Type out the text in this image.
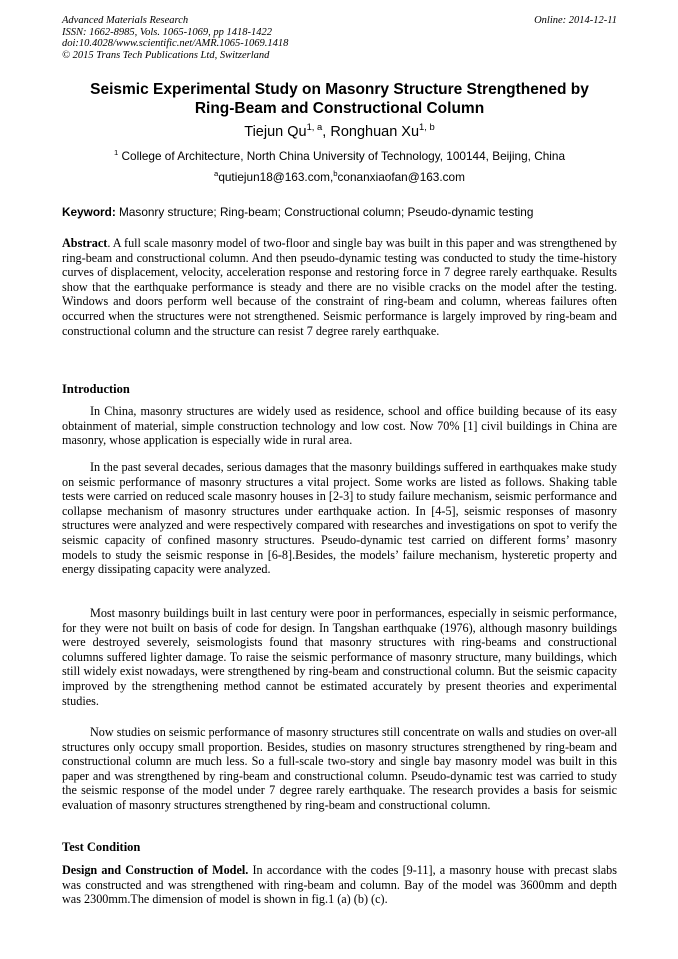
Advanced Materials Research
ISSN: 1662-8985, Vols. 1065-1069, pp 1418-1422
doi:10.4028/www.scientific.net/AMR.1065-1069.1418
© 2015 Trans Tech Publications Ltd, Switzerland
Online: 2014-12-11
Seismic Experimental Study on Masonry Structure Strengthened by
Ring-Beam and Constructional Column
Tiejun Qu$^{1, a}$, Ronghuan Xu$^{1, b}$
$^1$ College of Architecture, North China University of Technology, 100144, Beijing, China
$^a$qutiejun18@163.com,$^b$conanxiaofan@163.com
Keyword: Masonry structure; Ring-beam; Constructional column; Pseudo-dynamic testing

Abstract. A full scale masonry model of two-floor and single bay was built in this paper and was strengthened by ring-beam and constructional column. And then pseudo-dynamic testing was conducted to study the time-history curves of displacement, velocity, acceleration response and restoring force in 7 degree rarely earthquake. Results show that the earthquake performance is steady and there are no visible cracks on the model after the testing. Windows and doors perform well because of the constraint of ring-beam and column, whereas failures often occurred when the structures were not strengthened. Seismic performance is largely improved by ring-beam and constructional column and the structure can resist 7 degree rarely earthquake.

Introduction

In China, masonry structures are widely used as residence, school and office building because of its easy obtainment of material, simple construction technology and low cost. Now 70% [1] civil buildings in China are masonry, whose application is especially wide in rural area.

In the past several decades, serious damages that the masonry buildings suffered in earthquakes make study on seismic performance of masonry structures a vital project. Some works are listed as follows. Shaking table tests were carried on reduced scale masonry houses in [2-3] to study failure mechanism, seismic performance and collapse mechanism of masonry structures under earthquake action. In [4-5], seismic responses of masonry structures were analyzed and were respectively compared with researches and investigations on spot to verify the seismic capacity of confined masonry structures. Pseudo-dynamic test carried on different forms’ masonry models to study the seismic response in [6-8].Besides, the models’ failure mechanism, hysteretic property and energy dissipating capacity were analyzed.

Most masonry buildings built in last century were poor in performances, especially in seismic performance, for they were not built on basis of code for design. In Tangshan earthquake (1976), although masonry buildings were destroyed severely, seismologists found that masonry structures with ring-beams and constructional columns suffered lighter damage. To raise the seismic performance of masonry structure, many buildings, which still widely exist nowadays, were strengthened by ring-beam and constructional column. But the seismic capacity improved by the strengthening method cannot be estimated accurately by present theories and experimental studies.

Now studies on seismic performance of masonry structures still concentrate on walls and studies on over-all structures only occupy small proportion. Besides, studies on masonry structures strengthened by ring-beam and constructional column are much less. So a full-scale two-story and single bay masonry model was built in this paper and was strengthened by ring-beam and constructional column. Pseudo-dynamic test was carried to study the seismic response of the model under 7 degree rarely earthquake. The research provides a basis for seismic evaluation of masonry structures strengthened by ring-beam and constructional column.

Test Condition

Design and Construction of Model. In accordance with the codes [9-11], a masonry house with precast slabs was constructed and was strengthened with ring-beam and column. Bay of the model was 3600mm and depth was 2300mm.The dimension of model is shown in fig.1 (a) (b) (c).
